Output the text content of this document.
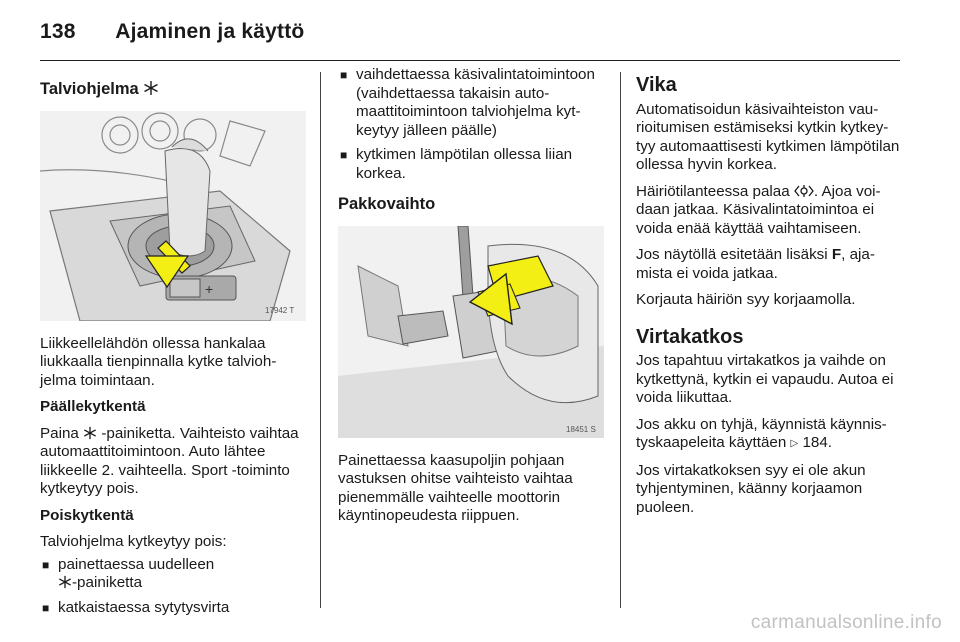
138 Ajaminen ja käyttö
Talviohjelma
+
17942 T

Liikkeellelähdön ollessa hankalaa liukkaalla tienpinnalla kytke talviohjelma toimintaan.

Päällekytkentä

Paina  -painiketta. Vaihteisto vaihtaa automaattitoimintoon. Auto lähtee liikkeelle 2. vaihteella. Sport -toiminto kytkeytyy pois.

Poiskytkentä

Talviohjelma kytkeytyy pois:

■ painettaessa uudelleen
-painiketta
■ katkaistaessa sytytysvirta
■ vaihdettaessa käsivalintatoimintoon (vaihdettaessa takaisin automaattitoimintoon talviohjelma kytkeytyy jälleen päälle)
■ kytkimen lämpötilan ollessa liian korkea.
Pakkovaihto
18451 S

Painettaessa kaasupoljin pohjaan vastuksen ohitse vaihteisto vaihtaa pienemmälle vaihteelle moottorin käyntinopeudesta riippuen.

Vika

Automatisoidun käsivaihteiston vaurioitumisen estämiseksi kytkin kytkeytyy automaattisesti kytkimen lämpötilan ollessa hyvin korkea.

Häiriötilanteessa palaa . Ajoa voidaan jatkaa. Käsivalintatoimintoa ei voida enää käyttää vaihtamiseen.

Jos näytöllä esitetään lisäksi F, ajamista ei voida jatkaa.

Korjauta häiriön syy korjaamolla.

Virtakatkos

Jos tapahtuu virtakatkos ja vaihde on kytkettynä, kytkin ei vapaudu. Autoa ei voida liikuttaa.

Jos akku on tyhjä, käynnistä käynnistyskaapeleita käyttäen ▷ 184.

Jos virtakatkoksen syy ei ole akun tyhjentyminen, käänny korjaamon puoleen.

carmanualsonline.info
